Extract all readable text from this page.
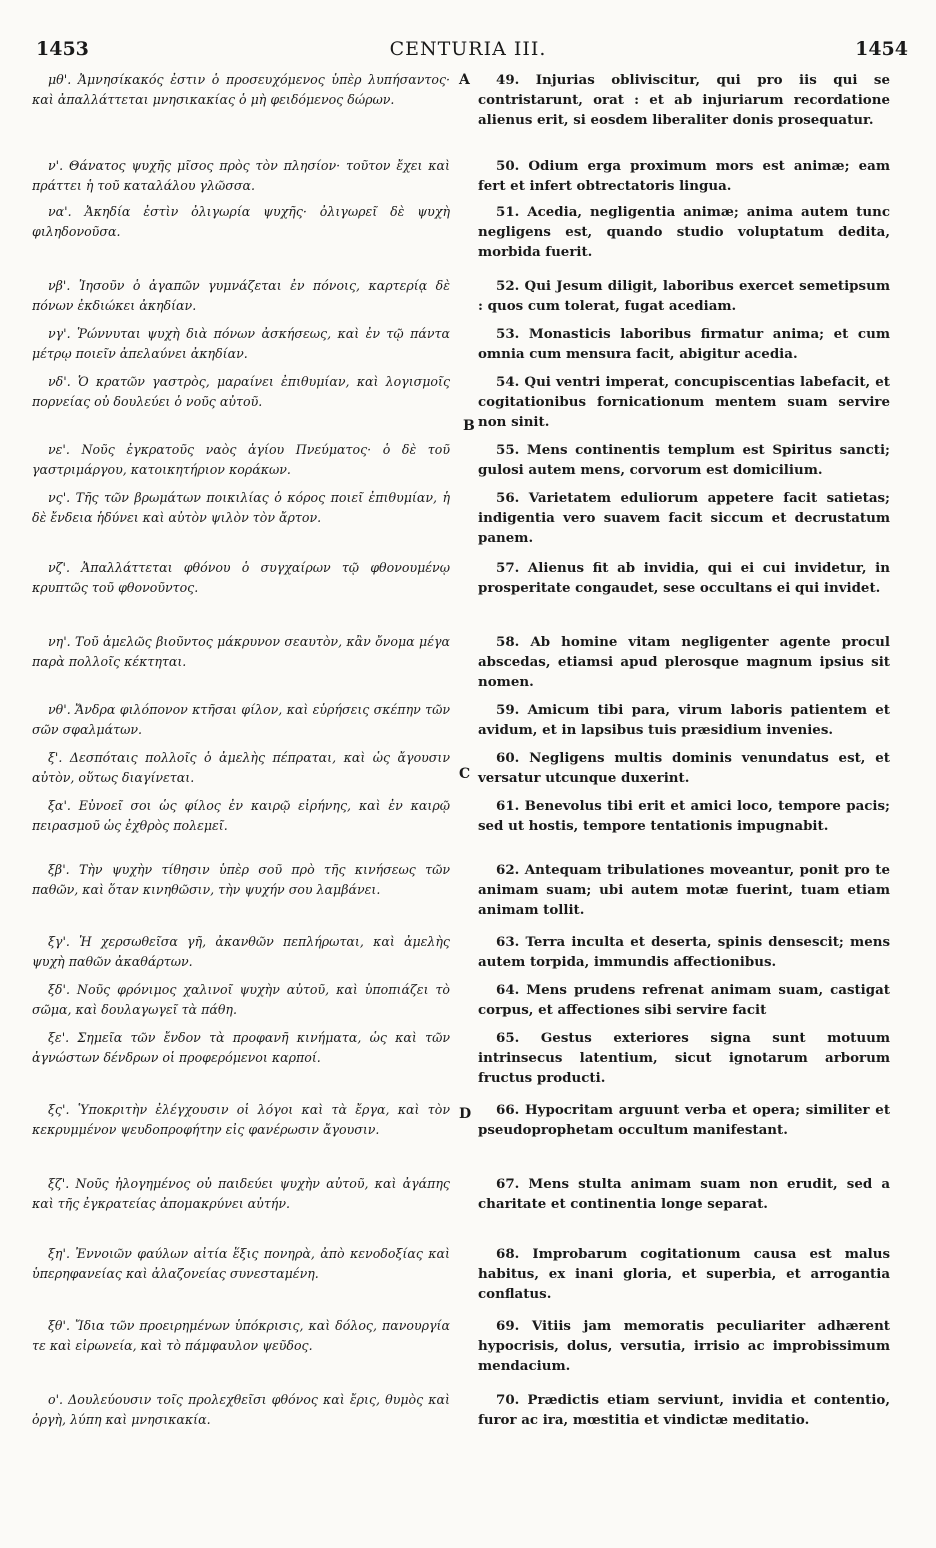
1453	CENTURIA III.	1454
A
B
C
D
μθ'. Ἀμνησίκακός ἐστιν ὁ προσευχόμενος ὑπὲρ λυπήσαντος· καὶ ἀπαλλάττεται μνησικακίας ὁ μὴ φειδόμενος δώρων.
ν'. Θάνατος ψυχῆς μῖσος πρὸς τὸν πλησίον· τοῦτον ἔχει καὶ πράττει ἡ τοῦ καταλάλου γλῶσσα.
να'. Ἀκηδία ἐστὶν ὀλιγωρία ψυχῆς· ὀλιγωρεῖ δὲ ψυχὴ φιληδονοῦσα.
νβ'. Ἰησοῦν ὁ ἀγαπῶν γυμνάζεται ἐν πόνοις, καρτερίᾳ δὲ πόνων ἐκδιώκει ἀκηδίαν.
νγ'. Ῥώννυται ψυχὴ διὰ πόνων ἀσκήσεως, καὶ ἐν τῷ πάντα μέτρῳ ποιεῖν ἀπελαύνει ἀκηδίαν.
νδ'. Ὁ κρατῶν γαστρὸς, μαραίνει ἐπιθυμίαν, καὶ λογισμοῖς πορνείας οὐ δουλεύει ὁ νοῦς αὐτοῦ.
νε'. Νοῦς ἐγκρατοῦς ναὸς ἁγίου Πνεύματος· ὁ δὲ τοῦ γαστριμάργου, κατοικητήριον κοράκων.
νς'. Τῆς τῶν βρωμάτων ποικιλίας ὁ κόρος ποιεῖ ἐπιθυμίαν, ἡ δὲ ἔνδεια ἡδύνει καὶ αὐτὸν ψιλὸν τὸν ἄρτον.
νζ'. Ἀπαλλάττεται φθόνου ὁ συγχαίρων τῷ φθονουμένῳ κρυπτῶς τοῦ φθονοῦντος.
νη'. Τοῦ ἀμελῶς βιοῦντος μάκρυνον σεαυτὸν, κἂν ὄνομα μέγα παρὰ πολλοῖς κέκτηται.
νθ'. Ἄνδρα φιλόπονον κτῆσαι φίλον, καὶ εὑρήσεις σκέπην τῶν σῶν σφαλμάτων.
ξ'. Δεσπόταις πολλοῖς ὁ ἀμελὴς πέπραται, καὶ ὡς ἄγουσιν αὐτὸν, οὕτως διαγίνεται.
ξα'. Εὐνοεῖ σοι ὡς φίλος ἐν καιρῷ εἰρήνης, καὶ ἐν καιρῷ πειρασμοῦ ὡς ἐχθρὸς πολεμεῖ.
ξβ'. Τὴν ψυχὴν τίθησιν ὑπὲρ σοῦ πρὸ τῆς κινήσεως τῶν παθῶν, καὶ ὅταν κινηθῶσιν, τὴν ψυχήν σου λαμβάνει.
ξγ'. Ἡ χερσωθεῖσα γῆ, ἀκανθῶν πεπλήρωται, καὶ ἀμελὴς ψυχὴ παθῶν ἀκαθάρτων.
ξδ'. Νοῦς φρόνιμος χαλινοῖ ψυχὴν αὐτοῦ, καὶ ὑποπιάζει τὸ σῶμα, καὶ δουλαγωγεῖ τὰ πάθη.
ξε'. Σημεῖα τῶν ἔνδον τὰ προφανῆ κινήματα, ὡς καὶ τῶν ἀγνώστων δένδρων οἱ προφερόμενοι καρποί.
ξς'. Ὑποκριτὴν ἐλέγχουσιν οἱ λόγοι καὶ τὰ ἔργα, καὶ τὸν κεκρυμμένον ψευδοπροφήτην εἰς φανέρωσιν ἄγουσιν.
ξζ'. Νοῦς ἠλογημένος οὐ παιδεύει ψυχὴν αὐτοῦ, καὶ ἀγάπης καὶ τῆς ἐγκρατείας ἀπομακρύνει αὐτήν.
ξη'. Ἐννοιῶν φαύλων αἰτία ἕξις πονηρὰ, ἀπὸ κενοδοξίας καὶ ὑπερηφανείας καὶ ἀλαζονείας συνεσταμένη.
ξθ'. Ἴδια τῶν προειρημένων ὑπόκρισις, καὶ δόλος, πανουργία τε καὶ εἰρωνεία, καὶ τὸ πάμφαυλον ψεῦδος.
ο'. Δουλεύουσιν τοῖς προλεχθεῖσι φθόνος καὶ ἔρις, θυμὸς καὶ ὀργὴ, λύπη καὶ μνησικακία.
49. Injurias obliviscitur, qui pro iis qui se contristarunt, orat : et ab injuriarum recordatione alienus erit, si eosdem liberaliter donis prosequatur.
50. Odium erga proximum mors est animæ; eam fert et infert obtrectatoris lingua.
51. Acedia, negligentia animæ; anima autem tunc negligens est, quando studio voluptatum dedita, morbida fuerit.
52. Qui Jesum diligit, laboribus exercet semetipsum : quos cum tolerat, fugat acediam.
53. Monasticis laboribus firmatur anima; et cum omnia cum mensura facit, abigitur acedia.
54. Qui ventri imperat, concupiscentias labefacit, et cogitationibus fornicationum mentem suam servire non sinit.
55. Mens continentis templum est Spiritus sancti; gulosi autem mens, corvorum est domicilium.
56. Varietatem eduliorum appetere facit satietas; indigentia vero suavem facit siccum et decrustatum panem.
57. Alienus fit ab invidia, qui ei cui invidetur, in prosperitate congaudet, sese occultans ei qui invidet.
58. Ab homine vitam negligenter agente procul abscedas, etiamsi apud plerosque magnum ipsius sit nomen.
59. Amicum tibi para, virum laboris patientem et avidum, et in lapsibus tuis præsidium invenies.
60. Negligens multis dominis venundatus est, et versatur utcunque duxerint.
61. Benevolus tibi erit et amici loco, tempore pacis; sed ut hostis, tempore tentationis impugnabit.
62. Antequam tribulationes moveantur, ponit pro te animam suam; ubi autem motæ fuerint, tuam etiam animam tollit.
63. Terra inculta et deserta, spinis densescit; mens autem torpida, immundis affectionibus.
64. Mens prudens refrenat animam suam, castigat corpus, et affectiones sibi servire facit
65. Gestus exteriores signa sunt motuum intrinsecus latentium, sicut ignotarum arborum fructus producti.
66. Hypocritam arguunt verba et opera; similiter et pseudoprophetam occultum manifestant.
67. Mens stulta animam suam non erudit, sed a charitate et continentia longe separat.
68. Improbarum cogitationum causa est malus habitus, ex inani gloria, et superbia, et arrogantia conflatus.
69. Vitiis jam memoratis peculiariter adhærent hypocrisis, dolus, versutia, irrisio ac improbissimum mendacium.
70. Prædictis etiam serviunt, invidia et contentio, furor ac ira, mœstitia et vindictæ meditatio.
